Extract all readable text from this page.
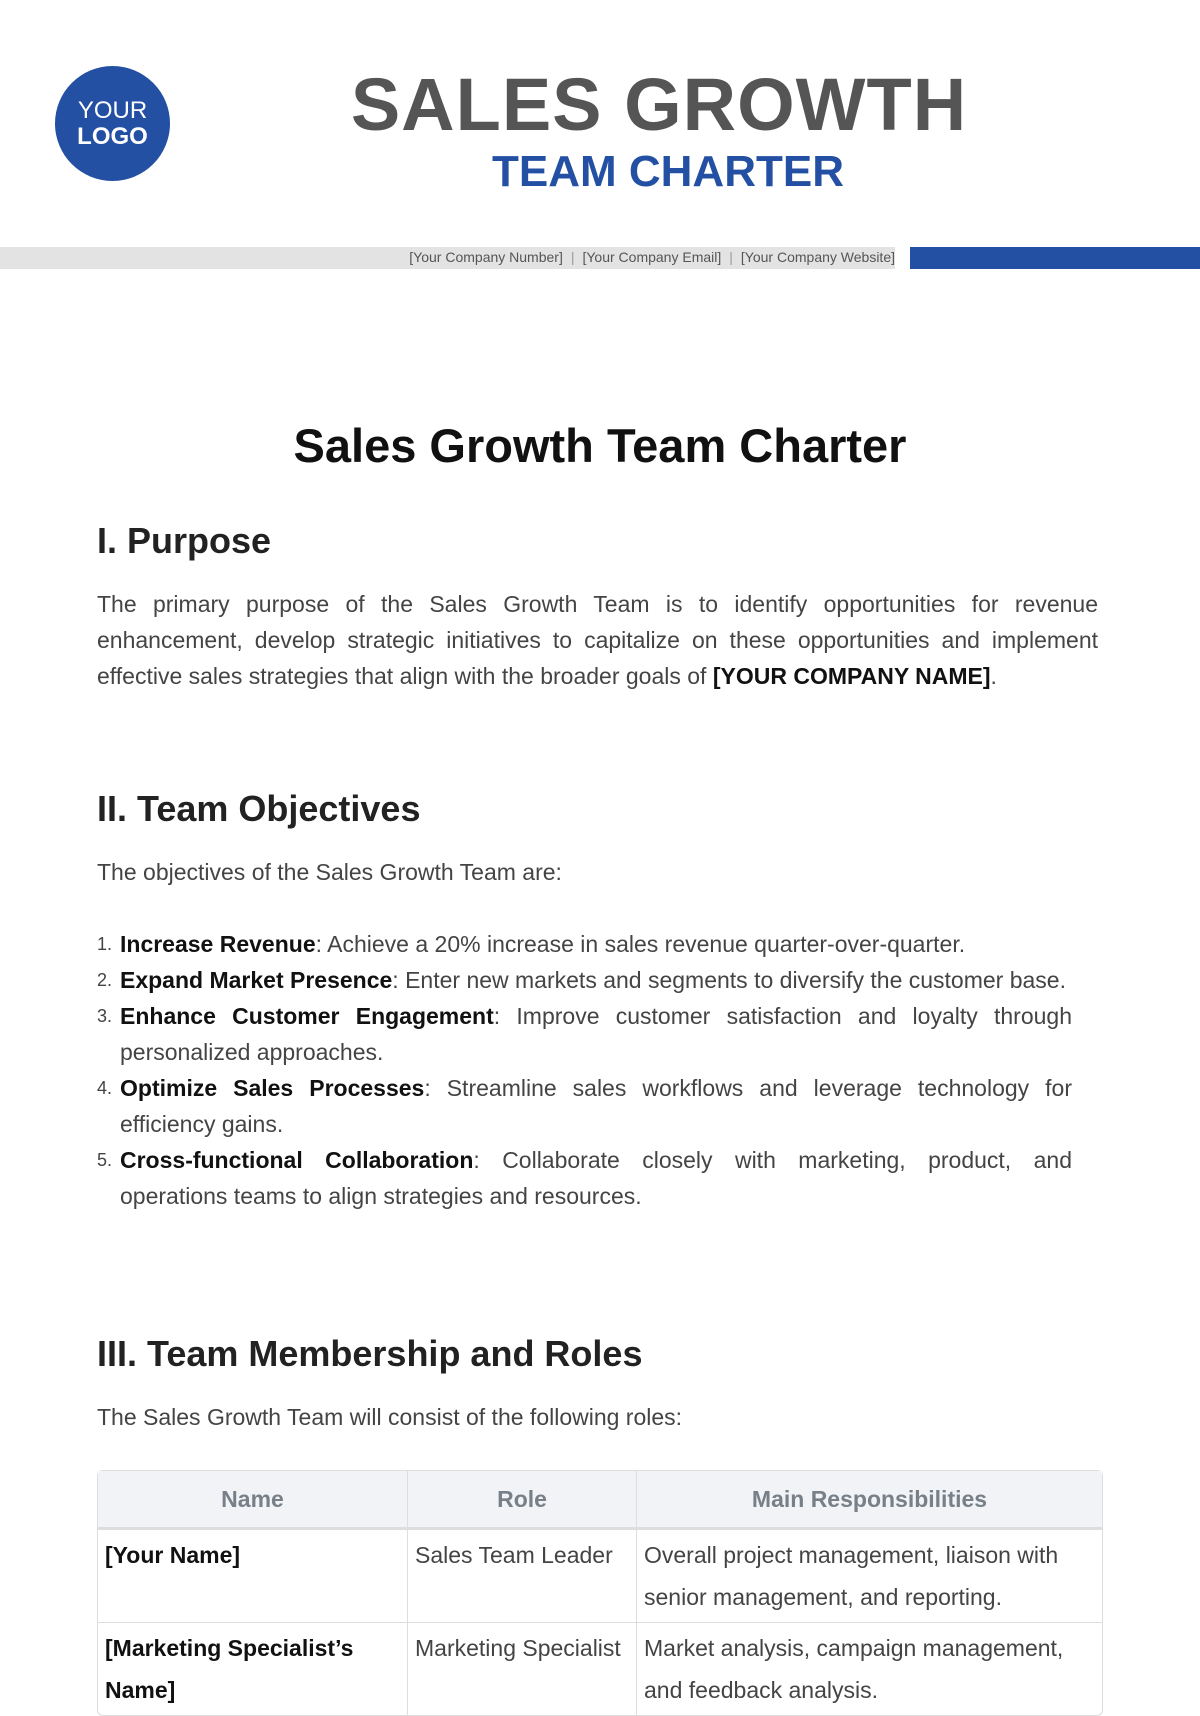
YOUR
LOGO	SALES GROWTH
TEAM CHARTER
[Your Company Number] | [Your Company Email] | [Your Company Website]
Sales Growth Team Charter
I. Purpose

The primary purpose of the Sales Growth Team is to identify opportunities for revenue enhancement, develop strategic initiatives to capitalize on these opportunities and implement effective sales strategies that align with the broader goals of [YOUR COMPANY NAME].

II. Team Objectives

The objectives of the Sales Growth Team are:

1. Increase Revenue: Achieve a 20% increase in sales revenue quarter-over-quarter.
2. Expand Market Presence: Enter new markets and segments to diversify the customer base.
3. Enhance Customer Engagement: Improve customer satisfaction and loyalty through personalized approaches.
4. Optimize Sales Processes: Streamline sales workflows and leverage technology for efficiency gains.
5. Cross-functional Collaboration: Collaborate closely with marketing, product, and operations teams to align strategies and resources.
III. Team Membership and Roles

The Sales Growth Team will consist of the following roles:

Name	Role	Main Responsibilities
[Your Name]	Sales Team Leader	Overall project management, liaison with senior management, and reporting.
[Marketing Specialist’s Name]	Marketing Specialist	Market analysis, campaign management, and feedback analysis.
